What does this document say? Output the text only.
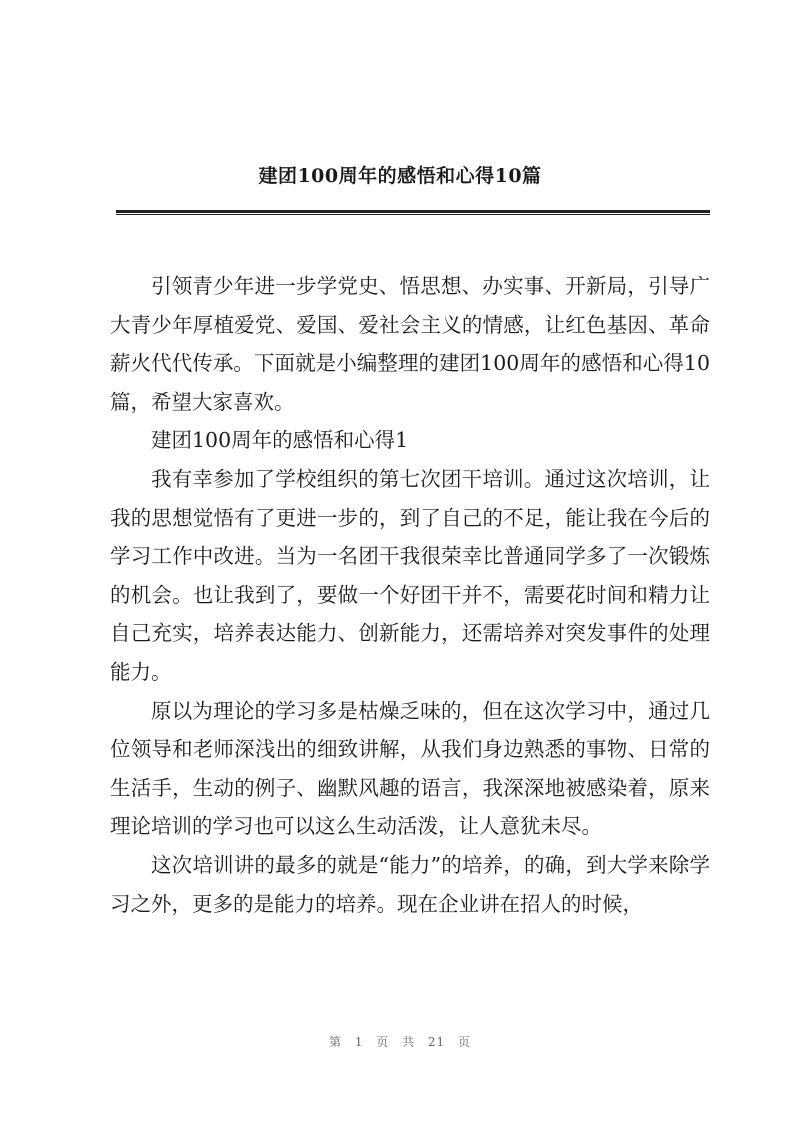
建团100周年的感悟和心得10篇

引领青少年进一步学党史、悟思想、办实事、开新局，引导广大青少年厚植爱党、爱国、爱社会主义的情感，让红色基因、革命薪火代代传承。下面就是小编整理的建团100周年的感悟和心得10篇，希望大家喜欢。

建团100周年的感悟和心得1

我有幸参加了学校组织的第七次团干培训。通过这次培训，让我的思想觉悟有了更进一步的，到了自己的不足，能让我在今后的学习工作中改进。当为一名团干我很荣幸比普通同学多了一次锻炼的机会。也让我到了，要做一个好团干并不，需要花时间和精力让自己充实，培养表达能力、创新能力，还需培养对突发事件的处理能力。

原以为理论的学习多是枯燥乏味的，但在这次学习中，通过几位领导和老师深浅出的细致讲解，从我们身边熟悉的事物、日常的生活手，生动的例子、幽默风趣的语言，我深深地被感染着，原来理论培训的学习也可以这么生动活泼，让人意犹未尽。

这次培训讲的最多的就是“能力”的培养，的确，到大学来除学习之外，更多的是能力的培养。现在企业讲在招人的时候，

第 1 页 共 21 页
